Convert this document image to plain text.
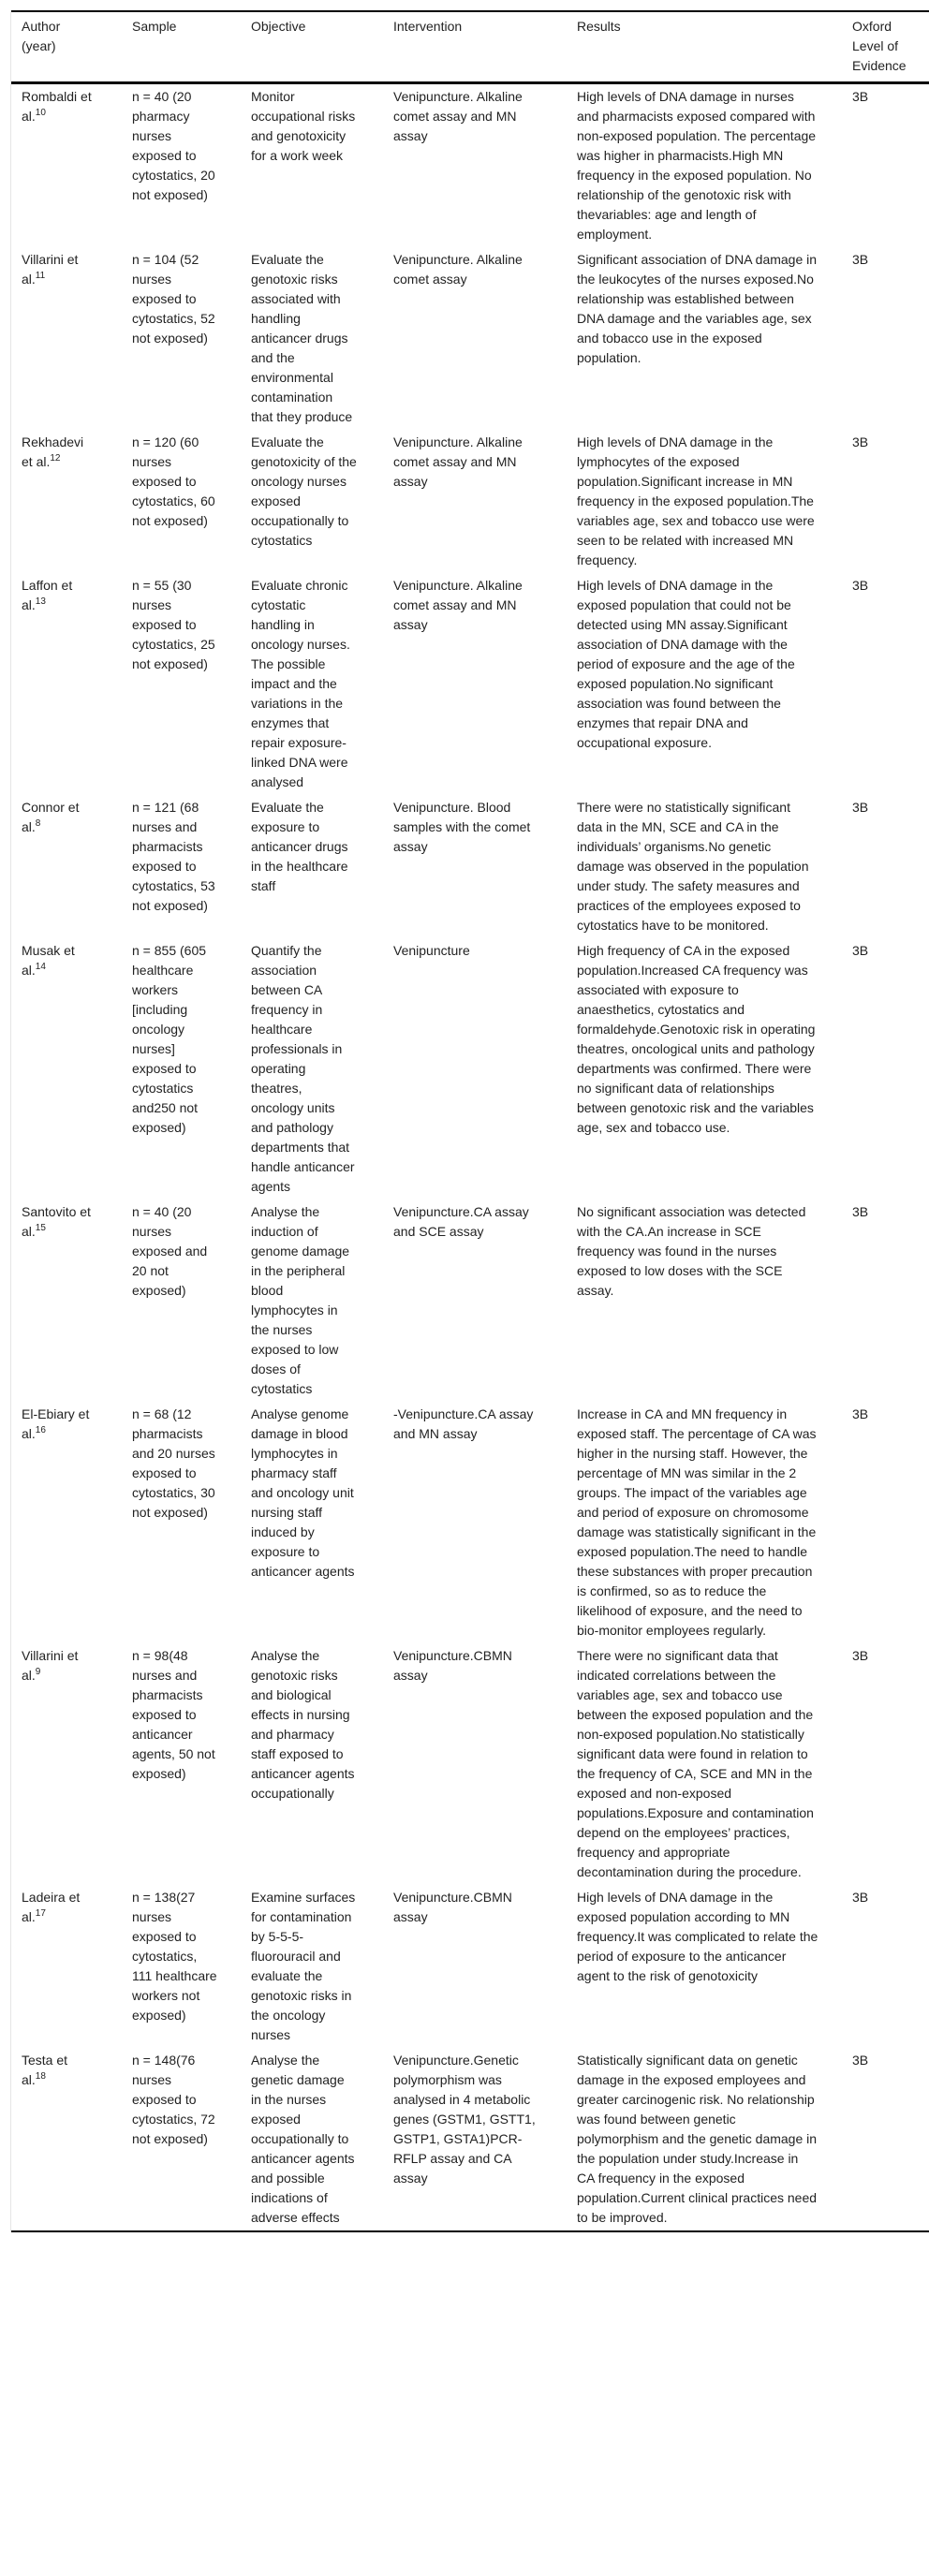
Author (year)	Sample	Objective	Intervention	Results	Oxford Level of Evidence
Rombaldi et al.$^{10}$	n = 40 (20 pharmacy nurses exposed to cytostatics, 20 not exposed)	Monitor occupational risks and genotoxicity for a work week	Venipuncture. Alkaline comet assay and MN assay	High levels of DNA damage in nurses and pharmacists exposed compared with non-exposed population. The percentage was higher in pharmacists.High MN frequency in the exposed population. No relationship of the genotoxic risk with thevariables: age and length of employment.	3B
Villarini et al.$^{11}$	n = 104 (52 nurses exposed to cytostatics, 52 not exposed)	Evaluate the genotoxic risks associated with handling anticancer drugs and the environmental contamination that they produce	Venipuncture. Alkaline comet assay	Significant association of DNA damage in the leukocytes of the nurses exposed.No relationship was established between DNA damage and the variables age, sex and tobacco use in the exposed population.	3B
Rekhadevi et al.$^{12}$	n = 120 (60 nurses exposed to cytostatics, 60 not exposed)	Evaluate the genotoxicity of the oncology nurses exposed occupationally to cytostatics	Venipuncture. Alkaline comet assay and MN assay	High levels of DNA damage in the lymphocytes of the exposed population.Significant increase in MN frequency in the exposed population.The variables age, sex and tobacco use were seen to be related with increased MN frequency.	3B
Laffon et al.$^{13}$	n = 55 (30 nurses exposed to cytostatics, 25 not exposed)	Evaluate chronic cytostatic handling in oncology nurses. The possible impact and the variations in the enzymes that repair exposure-linked DNA were analysed	Venipuncture. Alkaline comet assay and MN assay	High levels of DNA damage in the exposed population that could not be detected using MN assay.Significant association of DNA damage with the period of exposure and the age of the exposed population.No significant association was found between the enzymes that repair DNA and occupational exposure.	3B
Connor et al.$^8$	n = 121 (68 nurses and pharmacists exposed to cytostatics, 53 not exposed)	Evaluate the exposure to anticancer drugs in the healthcare staff	Venipuncture. Blood samples with the comet assay	There were no statistically significant data in the MN, SCE and CA in the individuals’ organisms.No genetic damage was observed in the population under study. The safety measures and practices of the employees exposed to cytostatics have to be monitored.	3B
Musak et al.$^{14}$	n = 855 (605 healthcare workers [including oncology nurses] exposed to cytostatics and250 not exposed)	Quantify the association between CA frequency in healthcare professionals in operating theatres, oncology units and pathology departments that handle anticancer agents	Venipuncture	High frequency of CA in the exposed population.Increased CA frequency was associated with exposure to anaesthetics, cytostatics and formaldehyde.Genotoxic risk in operating theatres, oncological units and pathology departments was confirmed. There were no significant data of relationships between genotoxic risk and the variables age, sex and tobacco use.	3B
Santovito et al.$^{15}$	n = 40 (20 nurses exposed and 20 not exposed)	Analyse the induction of genome damage in the peripheral blood lymphocytes in the nurses exposed to low doses of cytostatics	Venipuncture.CA assay and SCE assay	No significant association was detected with the CA.An increase in SCE frequency was found in the nurses exposed to low doses with the SCE assay.	3B
El-Ebiary et al.$^{16}$	n = 68 (12 pharmacists and 20 nurses exposed to cytostatics, 30 not exposed)	Analyse genome damage in blood lymphocytes in pharmacy staff and oncology unit nursing staff induced by exposure to anticancer agents	-Venipuncture.CA assay and MN assay	Increase in CA and MN frequency in exposed staff. The percentage of CA was higher in the nursing staff. However, the percentage of MN was similar in the 2 groups. The impact of the variables age and period of exposure on chromosome damage was statistically significant in the exposed population.The need to handle these substances with proper precaution is confirmed, so as to reduce the likelihood of exposure, and the need to bio-monitor employees regularly.	3B
Villarini et al.$^9$	n = 98(48 nurses and pharmacists exposed to anticancer agents, 50 not exposed)	Analyse the genotoxic risks and biological effects in nursing and pharmacy staff exposed to anticancer agents occupationally	Venipuncture.CBMN assay	There were no significant data that indicated correlations between the variables age, sex and tobacco use between the exposed population and the non-exposed population.No statistically significant data were found in relation to the frequency of CA, SCE and MN in the exposed and non-exposed populations.Exposure and contamination depend on the employees’ practices, frequency and appropriate decontamination during the procedure.	3B
Ladeira et al.$^{17}$	n = 138(27 nurses exposed to cytostatics, 111 healthcare workers not exposed)	Examine surfaces for contamination by 5-5-5-fluorouracil and evaluate the genotoxic risks in the oncology nurses	Venipuncture.CBMN assay	High levels of DNA damage in the exposed population according to MN frequency.It was complicated to relate the period of exposure to the anticancer agent to the risk of genotoxicity	3B
Testa et al.$^{18}$	n = 148(76 nurses exposed to cytostatics, 72 not exposed)	Analyse the genetic damage in the nurses exposed occupationally to anticancer agents and possible indications of adverse effects	Venipuncture.Genetic polymorphism was analysed in 4 metabolic genes (GSTM1, GSTT1, GSTP1, GSTA1)PCR-RFLP assay and CA assay	Statistically significant data on genetic damage in the exposed employees and greater carcinogenic risk. No relationship was found between genetic polymorphism and the genetic damage in the population under study.Increase in CA frequency in the exposed population.Current clinical practices need to be improved.	3B
